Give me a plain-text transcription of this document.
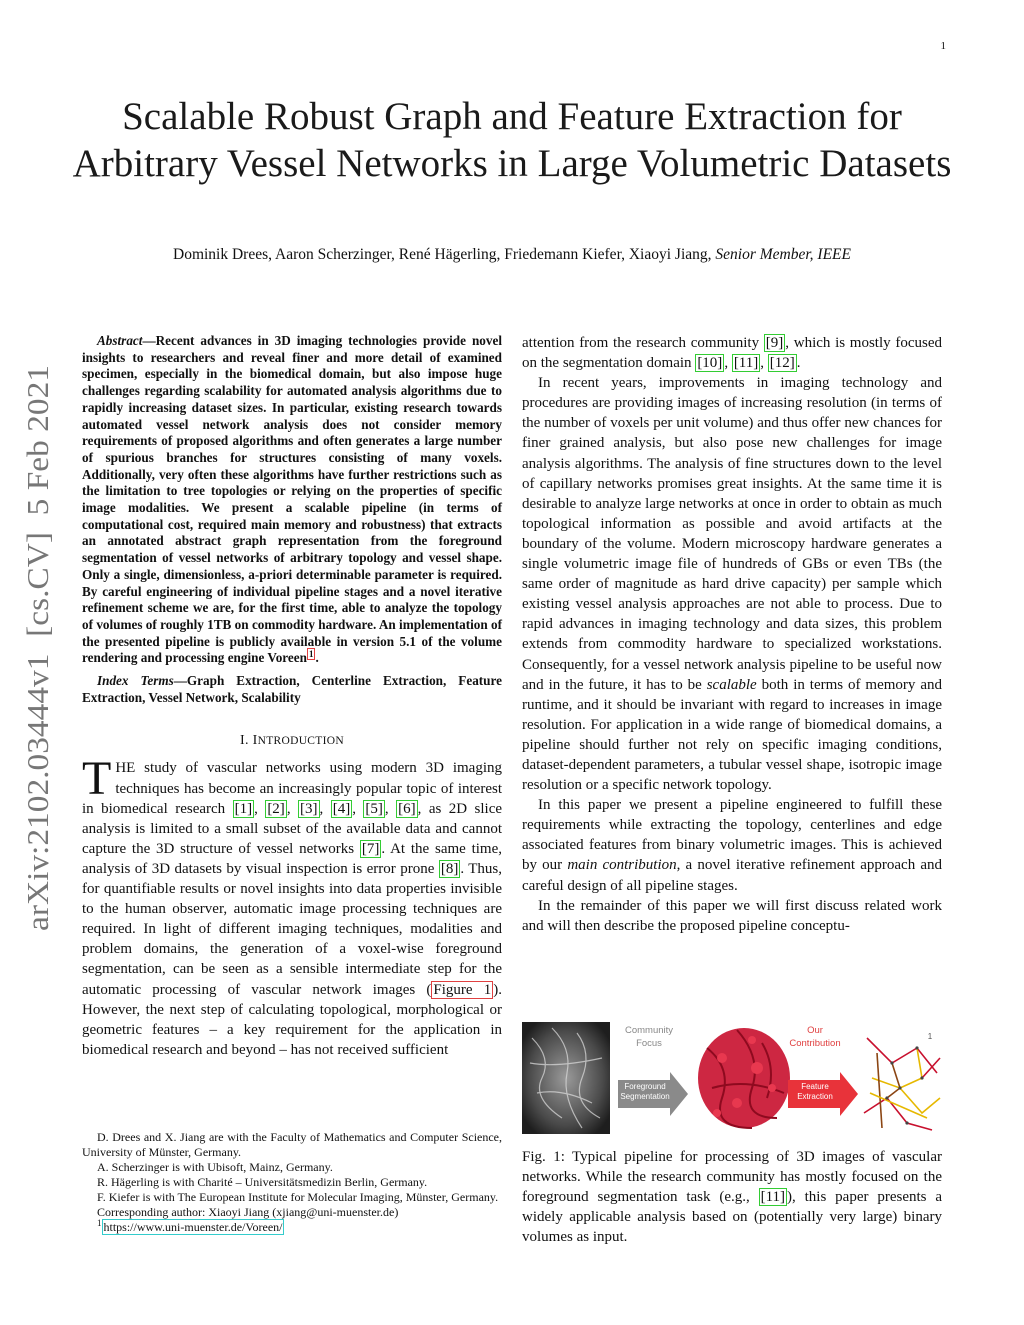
1
Scalable Robust Graph and Feature Extraction for Arbitrary Vessel Networks in Large Volumetric Datasets
Dominik Drees, Aaron Scherzinger, René Hägerling, Friedemann Kiefer, Xiaoyi Jiang, Senior Member, IEEE
arXiv:2102.03444v1  [cs.CV]  5 Feb 2021

Abstract—Recent advances in 3D imaging technologies provide novel insights to researchers and reveal finer and more detail of examined specimen, especially in the biomedical domain, but also impose huge challenges regarding scalability for automated analysis algorithms due to rapidly increasing dataset sizes. In particular, existing research towards automated vessel network analysis does not consider memory requirements of proposed algorithms and often generates a large number of spurious branches for structures consisting of many voxels. Additionally, very often these algorithms have further restrictions such as the limitation to tree topologies or relying on the properties of specific image modalities. We present a scalable pipeline (in terms of computational cost, required main memory and robustness) that extracts an annotated abstract graph representation from the foreground segmentation of vessel networks of arbitrary topology and vessel shape. Only a single, dimensionless, a-priori determinable parameter is required. By careful engineering of individual pipeline stages and a novel iterative refinement scheme we are, for the first time, able to analyze the topology of volumes of roughly 1TB on commodity hardware. An implementation of the presented pipeline is publicly available in version 5.1 of the volume rendering and processing engine Voreen $^1$ .

Index Terms—Graph Extraction, Centerline Extraction, Feature Extraction, Vessel Network, Scalability

I. INTRODUCTION

THE study of vascular networks using modern 3D imaging techniques has become an increasingly popular topic of interest in biomedical research [1] , [2] , [3] , [4] , [5] , [6] , as 2D slice analysis is limited to a small subset of the available data and cannot capture the 3D structure of vessel networks [7] . At the same time, analysis of 3D datasets by visual inspection is error prone [8] . Thus, for quantifiable results or novel insights into data properties invisible to the human observer, automatic image processing techniques are required. In light of different imaging techniques, modalities and problem domains, the generation of a voxel-wise foreground segmentation, can be seen as a sensible intermediate step for the automatic processing of vascular network images ( Figure 1 ). However, the next step of calculating topological, morphological or geometric features – a key requirement for the application in biomedical research and beyond – has not received sufficient

D. Drees and X. Jiang are with the Faculty of Mathematics and Computer Science, University of Münster, Germany.

A. Scherzinger is with Ubisoft, Mainz, Germany.

R. Hägerling is with Charité – Universitätsmedizin Berlin, Germany.

F. Kiefer is with The European Institute for Molecular Imaging, Münster, Germany.

Corresponding author: Xiaoyi Jiang (xjiang@uni-muenster.de)

$^1$ https://www.uni-muenster.de/Voreen/

attention from the research community [9] , which is mostly focused on the segmentation domain [10] , [11] , [12] .

In recent years, improvements in imaging technology and procedures are providing images of increasing resolution (in terms of the number of voxels per unit volume) and thus offer new chances for finer grained analysis, but also pose new challenges for image analysis algorithms. The analysis of fine structures down to the level of capillary networks promises great insights. At the same time it is desirable to analyze large networks at once in order to obtain as much topological information as possible and avoid artifacts at the boundary of the volume. Modern microscopy hardware generates a single volumetric image file of hundreds of GBs or even TBs (the same order of magnitude as hard drive capacity) per sample which existing vessel analysis approaches are not able to process. Due to rapid advances in imaging technology and data sizes, this problem extends from commodity hardware to specialized workstations. Consequently, for a vessel network analysis pipeline to be useful now and in the future, it has to be scalable both in terms of memory and runtime, and it should be invariant with regard to increases in image resolution. For application in a wide range of biomedical domains, a pipeline should further not rely on specific imaging conditions, dataset-dependent parameters, a tubular vessel shape, isotropic image resolution or a specific network topology.

In this paper we present a pipeline engineered to fulfill these requirements while extracting the topology, centerlines and edge associated features from binary volumetric images. This is achieved by our main contribution, a novel iterative refinement approach and careful design of all pipeline stages.

In the remainder of this paper we will first discuss related work and will then describe the proposed pipeline conceptu-

Community
Focus
Our
Contribution
Foreground
Segmentation
Feature
Extraction
1
Fig. 1: Typical pipeline for processing of 3D images of vascular networks. While the research community has mostly focused on the foreground segmentation task (e.g., [11] ), this paper presents a widely applicable analysis based on (potentially very large) binary volumes as input.
